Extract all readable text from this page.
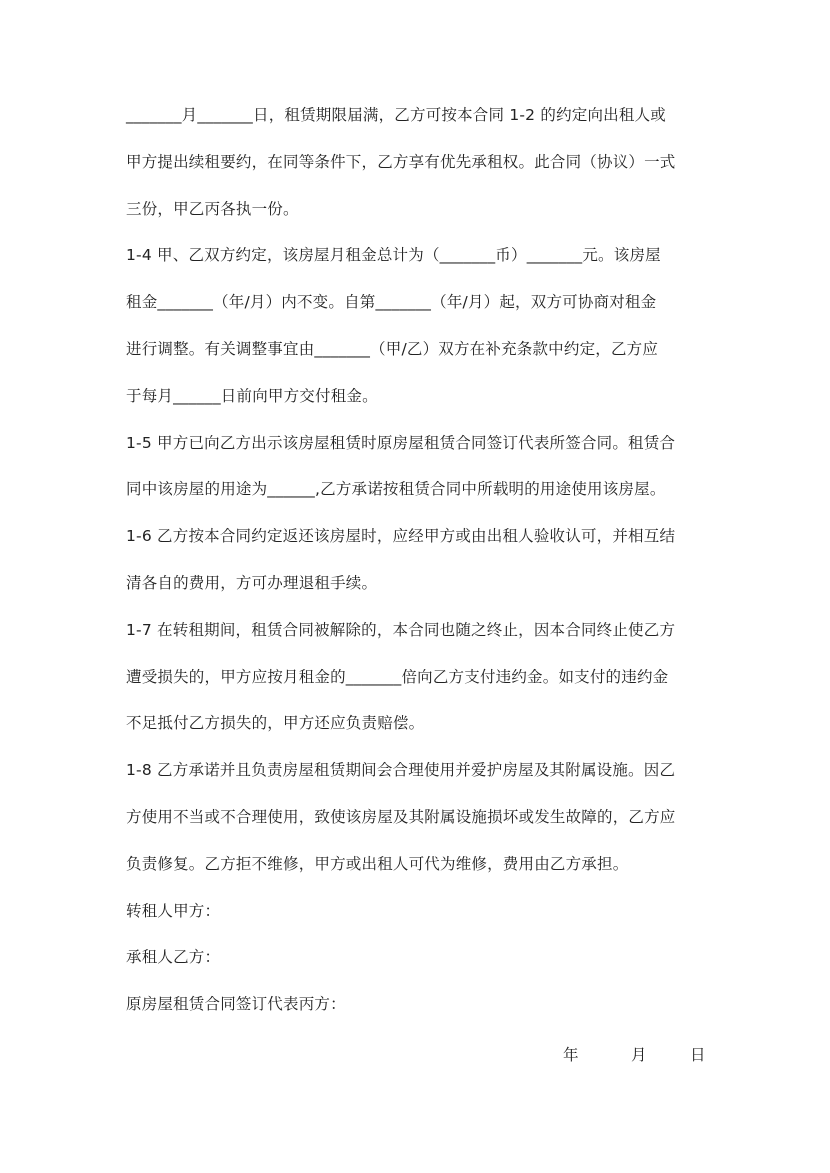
_______月_______日，租赁期限届满，乙方可按本合同 1-2 的约定向出租人或
甲方提出续租要约，在同等条件下，乙方享有优先承租权。此合同（协议）一式
三份，甲乙丙各执一份。
1-4 甲、乙双方约定，该房屋月租金总计为（_______币）_______元。该房屋
租金_______（年/月）内不变。自第_______（年/月）起，双方可协商对租金
进行调整。有关调整事宜由_______（甲/乙）双方在补充条款中约定，乙方应
于每月______日前向甲方交付租金。
1-5 甲方已向乙方出示该房屋租赁时原房屋租赁合同签订代表所签合同。租赁合
同中该房屋的用途为______,乙方承诺按租赁合同中所载明的用途使用该房屋。
1-6 乙方按本合同约定返还该房屋时，应经甲方或由出租人验收认可，并相互结
清各自的费用，方可办理退租手续。
1-7 在转租期间，租赁合同被解除的，本合同也随之终止，因本合同终止使乙方
遭受损失的，甲方应按月租金的_______倍向乙方支付违约金。如支付的违约金
不足抵付乙方损失的，甲方还应负责赔偿。
1-8 乙方承诺并且负责房屋租赁期间会合理使用并爱护房屋及其附属设施。因乙
方使用不当或不合理使用，致使该房屋及其附属设施损坏或发生故障的，乙方应
负责修复。乙方拒不维修，甲方或出租人可代为维修，费用由乙方承担。
转租人甲方：
承租人乙方：
原房屋租赁合同签订代表丙方：
年	月	日
